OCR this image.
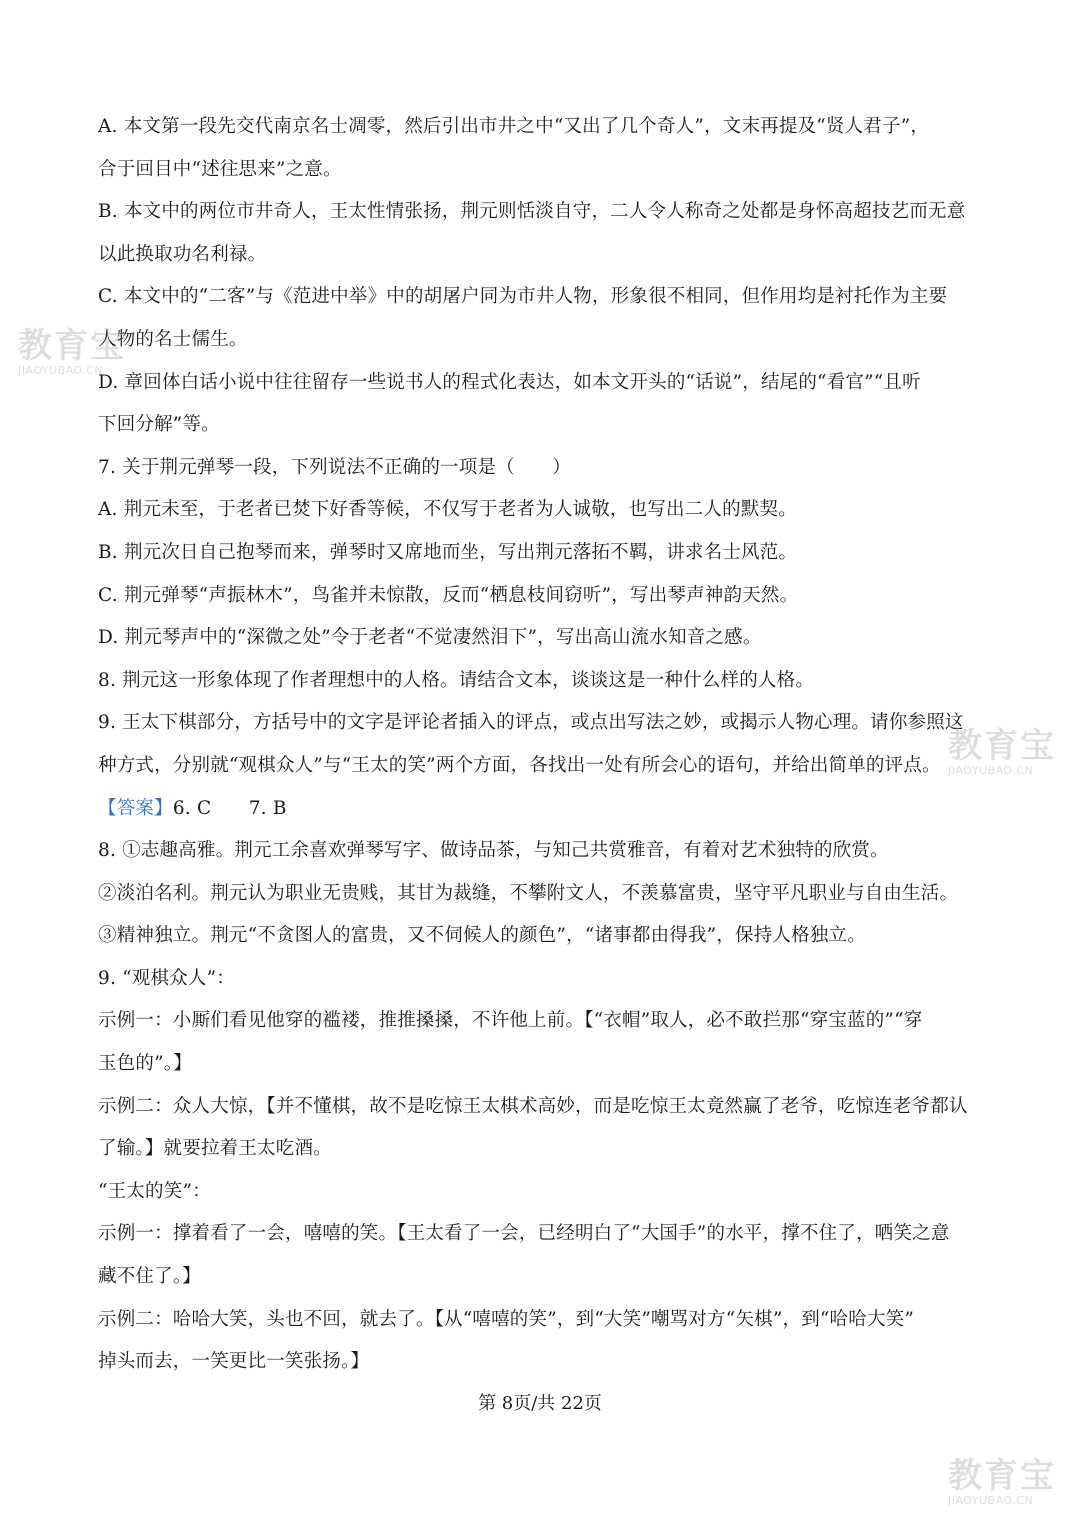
A. 本文第一段先交代南京名士凋零，然后引出市井之中“又出了几个奇人”，文末再提及“贤人君子”，
合于回目中“述往思来”之意。
B. 本文中的两位市井奇人，王太性情张扬，荆元则恬淡自守，二人令人称奇之处都是身怀高超技艺而无意
以此换取功名利禄。
C. 本文中的“二客”与《范进中举》中的胡屠户同为市井人物，形象很不相同，但作用均是衬托作为主要
人物的名士儒生。
D. 章回体白话小说中往往留存一些说书人的程式化表达，如本文开头的“话说”，结尾的“看官”“且听
下回分解”等。
7. 关于荆元弹琴一段，下列说法不正确的一项是（　　）
A. 荆元未至，于老者已焚下好香等候，不仅写于老者为人诚敬，也写出二人的默契。
B. 荆元次日自己抱琴而来，弹琴时又席地而坐，写出荆元落拓不羁，讲求名士风范。
C. 荆元弹琴“声振林木”，鸟雀并未惊散，反而“栖息枝间窃听”，写出琴声神韵天然。
D. 荆元琴声中的“深微之处”令于老者“不觉凄然泪下”，写出高山流水知音之感。
8. 荆元这一形象体现了作者理想中的人格。请结合文本，谈谈这是一种什么样的人格。
9. 王太下棋部分，方括号中的文字是评论者插入的评点，或点出写法之妙，或揭示人物心理。请你参照这
种方式，分别就“观棋众人”与“王太的笑”两个方面，各找出一处有所会心的语句，并给出简单的评点。
【答案】6. C　　7. B
8. ①志趣高雅。荆元工余喜欢弹琴写字、做诗品茶，与知己共赏雅音，有着对艺术独特的欣赏。
②淡泊名利。荆元认为职业无贵贱，其甘为裁缝，不攀附文人，不羡慕富贵，坚守平凡职业与自由生活。
③精神独立。荆元“不贪图人的富贵，又不伺候人的颜色”，“诸事都由得我”，保持人格独立。
9. “观棋众人”：
示例一：小厮们看见他穿的褴褛，推推搡搡，不许他上前。【“衣帽”取人，必不敢拦那“穿宝蓝的”“穿
玉色的”。】
示例二：众人大惊，【并不懂棋，故不是吃惊王太棋术高妙，而是吃惊王太竟然赢了老爷，吃惊连老爷都认
了输。】就要拉着王太吃酒。
“王太的笑”：
示例一：撑着看了一会，嘻嘻的笑。【王太看了一会，已经明白了“大国手”的水平，撑不住了，哂笑之意
藏不住了。】
示例二：哈哈大笑，头也不回，就去了。【从“嘻嘻的笑”，到“大笑”嘲骂对方“矢棋”，到“哈哈大笑”
掉头而去，一笑更比一笑张扬。】
第 8页/共 22页
教育宝
JIAOYUBAO.CN
教育宝
JIAOYUBAO.CN
教育宝
JIAOYUBAO.CN
